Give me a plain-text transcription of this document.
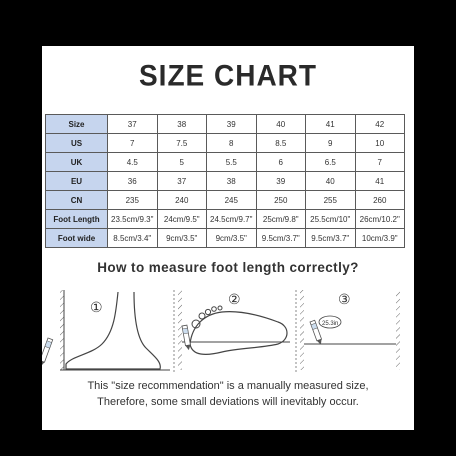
SIZE CHART
Size	37	38	39	40	41	42
US	7	7.5	8	8.5	9	10
UK	4.5	5	5.5	6	6.5	7
EU	36	37	38	39	40	41
CN	235	240	245	250	255	260
Foot Length	23.5cm/9.3"	24cm/9.5"	24.5cm/9.7"	25cm/9.8"	25.5cm/10"	26cm/10.2"
Foot wide	8.5cm/3.4"	9cm/3.5"	9cm/3.5"	9.5cm/3.7"	9.5cm/3.7"	10cm/3.9"
How to measure foot length correctly?
①	②
25.3in
③
This "size recommendation" is a manually measured size,
Therefore, some small deviations will inevitably occur.
